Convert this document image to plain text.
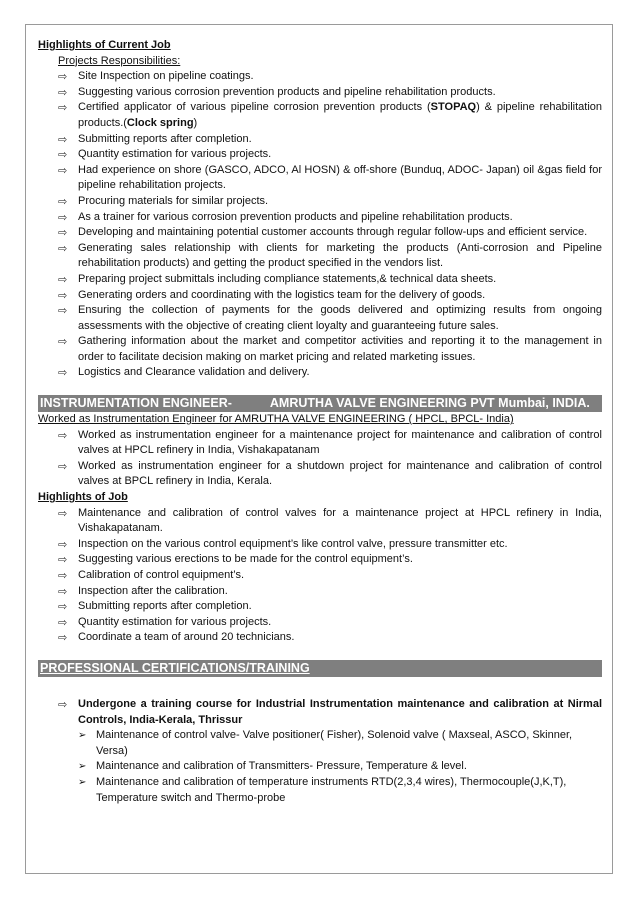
Highlights of Current Job
Projects Responsibilities:
⇨ Site Inspection on pipeline coatings.
⇨ Suggesting various corrosion prevention products and pipeline rehabilitation products.
⇨ Certified applicator of various pipeline corrosion prevention products (STOPAQ) & pipeline rehabilitation products.(Clock spring)
⇨ Submitting reports after completion.
⇨ Quantity estimation for various projects.
⇨ Had experience on shore (GASCO, ADCO, Al HOSN) & off-shore (Bunduq, ADOC- Japan) oil &gas field for pipeline rehabilitation projects.
⇨ Procuring materials for similar projects.
⇨ As a trainer for various corrosion prevention products and pipeline rehabilitation products.
⇨ Developing and maintaining potential customer accounts through regular follow-ups and efficient service.
⇨ Generating sales relationship with clients for marketing the products (Anti-corrosion and Pipeline rehabilitation products) and getting the product specified in the vendors list.
⇨ Preparing project submittals including compliance statements,& technical data sheets.
⇨ Generating orders and coordinating with the logistics team for the delivery of goods.
⇨ Ensuring the collection of payments for the goods delivered and optimizing results from ongoing assessments with the objective of creating client loyalty and guaranteeing future sales.
⇨ Gathering information about the market and competitor activities and reporting it to the management in order to facilitate decision making on market pricing and related marketing issues.
⇨ Logistics and Clearance validation and delivery.
INSTRUMENTATION ENGINEER-	AMRUTHA VALVE ENGINEERING PVT Mumbai, INDIA.
Worked as Instrumentation Engineer for AMRUTHA VALVE ENGINEERING ( HPCL, BPCL- India)
⇨ Worked as instrumentation engineer for a maintenance project for maintenance and calibration of control valves at HPCL refinery in India, Vishakapatanam
⇨ Worked as instrumentation engineer for a shutdown project for maintenance and calibration of control valves at BPCL refinery in India, Kerala.
Highlights of Job
⇨ Maintenance and calibration of control valves for a maintenance project at HPCL refinery in India, Vishakapatanam.
⇨ Inspection on the various control equipment’s like control valve, pressure transmitter etc.
⇨ Suggesting various erections to be made for the control equipment’s.
⇨ Calibration of control equipment’s.
⇨ Inspection after the calibration.
⇨ Submitting reports after completion.
⇨ Quantity estimation for various projects.
⇨ Coordinate a team of around 20 technicians.
PROFESSIONAL CERTIFICATIONS/TRAINING
⇨ Undergone a training course for Industrial Instrumentation maintenance and calibration at Nirmal Controls, India-Kerala, Thrissur
➢ Maintenance of control valve- Valve positioner( Fisher), Solenoid valve ( Maxseal, ASCO, Skinner, Versa)
➢ Maintenance and calibration of Transmitters- Pressure, Temperature & level.
➢ Maintenance and calibration of temperature instruments RTD(2,3,4 wires), Thermocouple(J,K,T), Temperature switch and Thermo-probe
